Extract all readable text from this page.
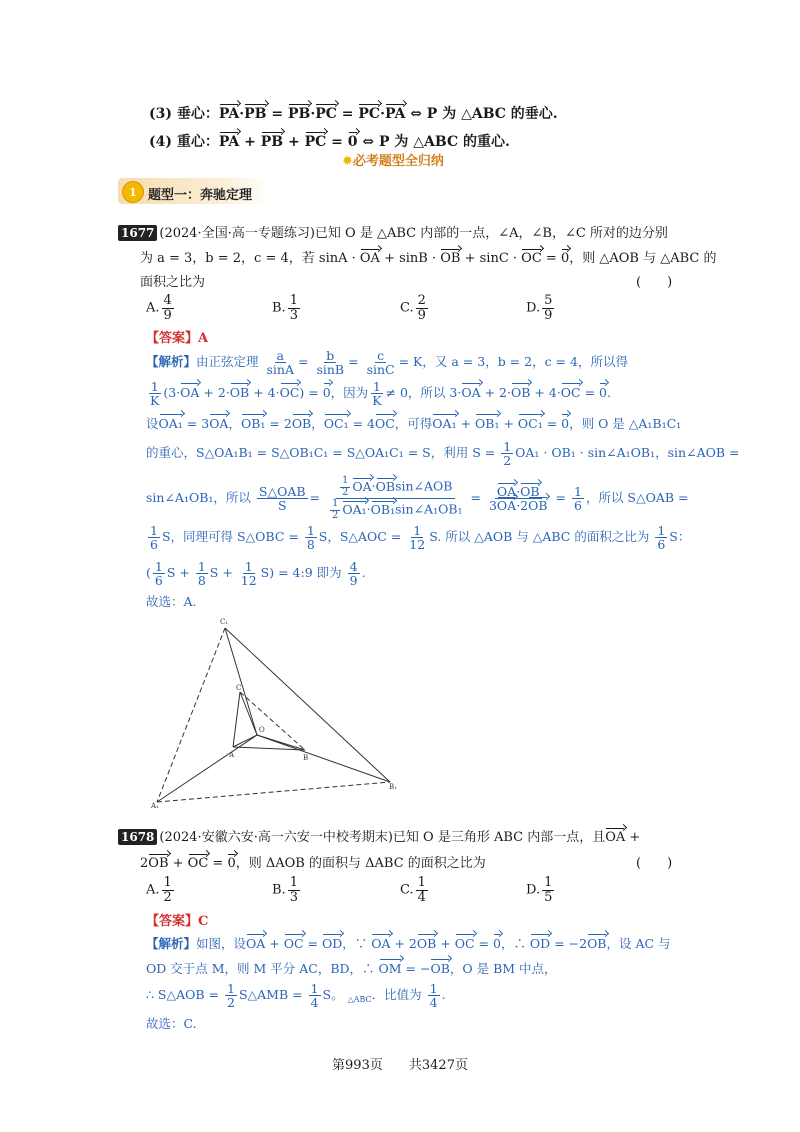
(3) 垂心：PA·PB = PB·PC = PC·PA ⇔ P 为 △ABC 的垂心.
(4) 重心：PA + PB + PC = 0 ⇔ P 为 △ABC 的重心.
✹必考题型全归纳
1 题型一：奔驰定理
1677 (2024·全国·高一专题练习)已知 O 是 △ABC 内部的一点，∠A，∠B，∠C 所对的边分别
为 a = 3，b = 2，c = 4，若 sinA · OA + sinB · OB + sinC · OC = 0，则 △AOB 与 △ABC 的
面积之比为	(　　)
A. $\frac{4}{9}$	B. $\frac{1}{3}$	C. $\frac{2}{9}$	D. $\frac{5}{9}$
【答案】A
【解析】由正弦定理 $\frac{a}{\sin A} = \frac{b}{\sin B} = \frac{c}{\sin C} = K$，又 a = 3，b = 2，c = 4，所以得
$\frac{1}{K} (3\cdot OA + 2\cdot OB + 4\cdot OC) = 0$，因为 $\frac{1}{K} \ne 0$，所以 3·OA + 2·OB + 4·OC = 0.
设OA₁ = 3OA，OB₁ = 2OB，OC₁ = 4OC，可得OA₁ + OB₁ + OC₁ = 0，则 O 是 △A₁B₁C₁
的重心，S△OA₁B₁ = S△OB₁C₁ = S△OA₁C₁ = S，利用 $S = \frac{1}{2} OA_1 \cdot OB_1$ · sin∠A₁OB₁，sin∠AOB =
sin∠A₁OB₁，所以 $\frac{\text{S△OAB}}{S} = \frac{\frac{1}{2} OA\cdot OBsin\angle AOB}{\frac{1}{2} OA_1\cdot OB_1\sin\angle A_1OB_1} = \frac{OA\cdot OB}{3OA\cdot 2OB} = \frac{1}{6}$ ，所以 S△OAB =
$\frac{1}{6}$ S，同理可得 S△OBC = $\frac{1}{8}$ S，S△AOC = $\frac{1}{12} S$. 所以 △AOB 与 △ABC 的面积之比为 $\frac{1}{6}$ S：
( $\frac{1}{6}$ $S + \frac{1}{8}$ $S + \frac{1}{12} S$) = 4:9 即为 $\frac{4}{9}$ .
故选：A.
C₁
C
O
A	B
B₁
A₁
1678 (2024·安徽六安·高一六安一中校考期末)已知 O 是三角形 ABC 内部一点，且OA +
2OB + OC = 0，则 ΔAOB 的面积与 ΔABC 的面积之比为	(　　)
A. $\frac{1}{2}$	B. $\frac{1}{3}$	C. $\frac{1}{4}$	D. $\frac{1}{5}$
【答案】C
【解析】如图，设OA + OC = OD，∵ OA + 2OB + OC = 0，∴ OD = −2OB，设 AC 与
OD 交于点 M，则 M 平分 AC，BD，∴ OM = −OB，O 是 BM 中点，
∴ S△AOB = $\frac{1}{2}$ S△AMB = $\frac{1}{4}$ S。 $_{\triangle ABC}$．比值为 $\frac{1}{4}$ .
故选：C.
第993页　　 共3427页
